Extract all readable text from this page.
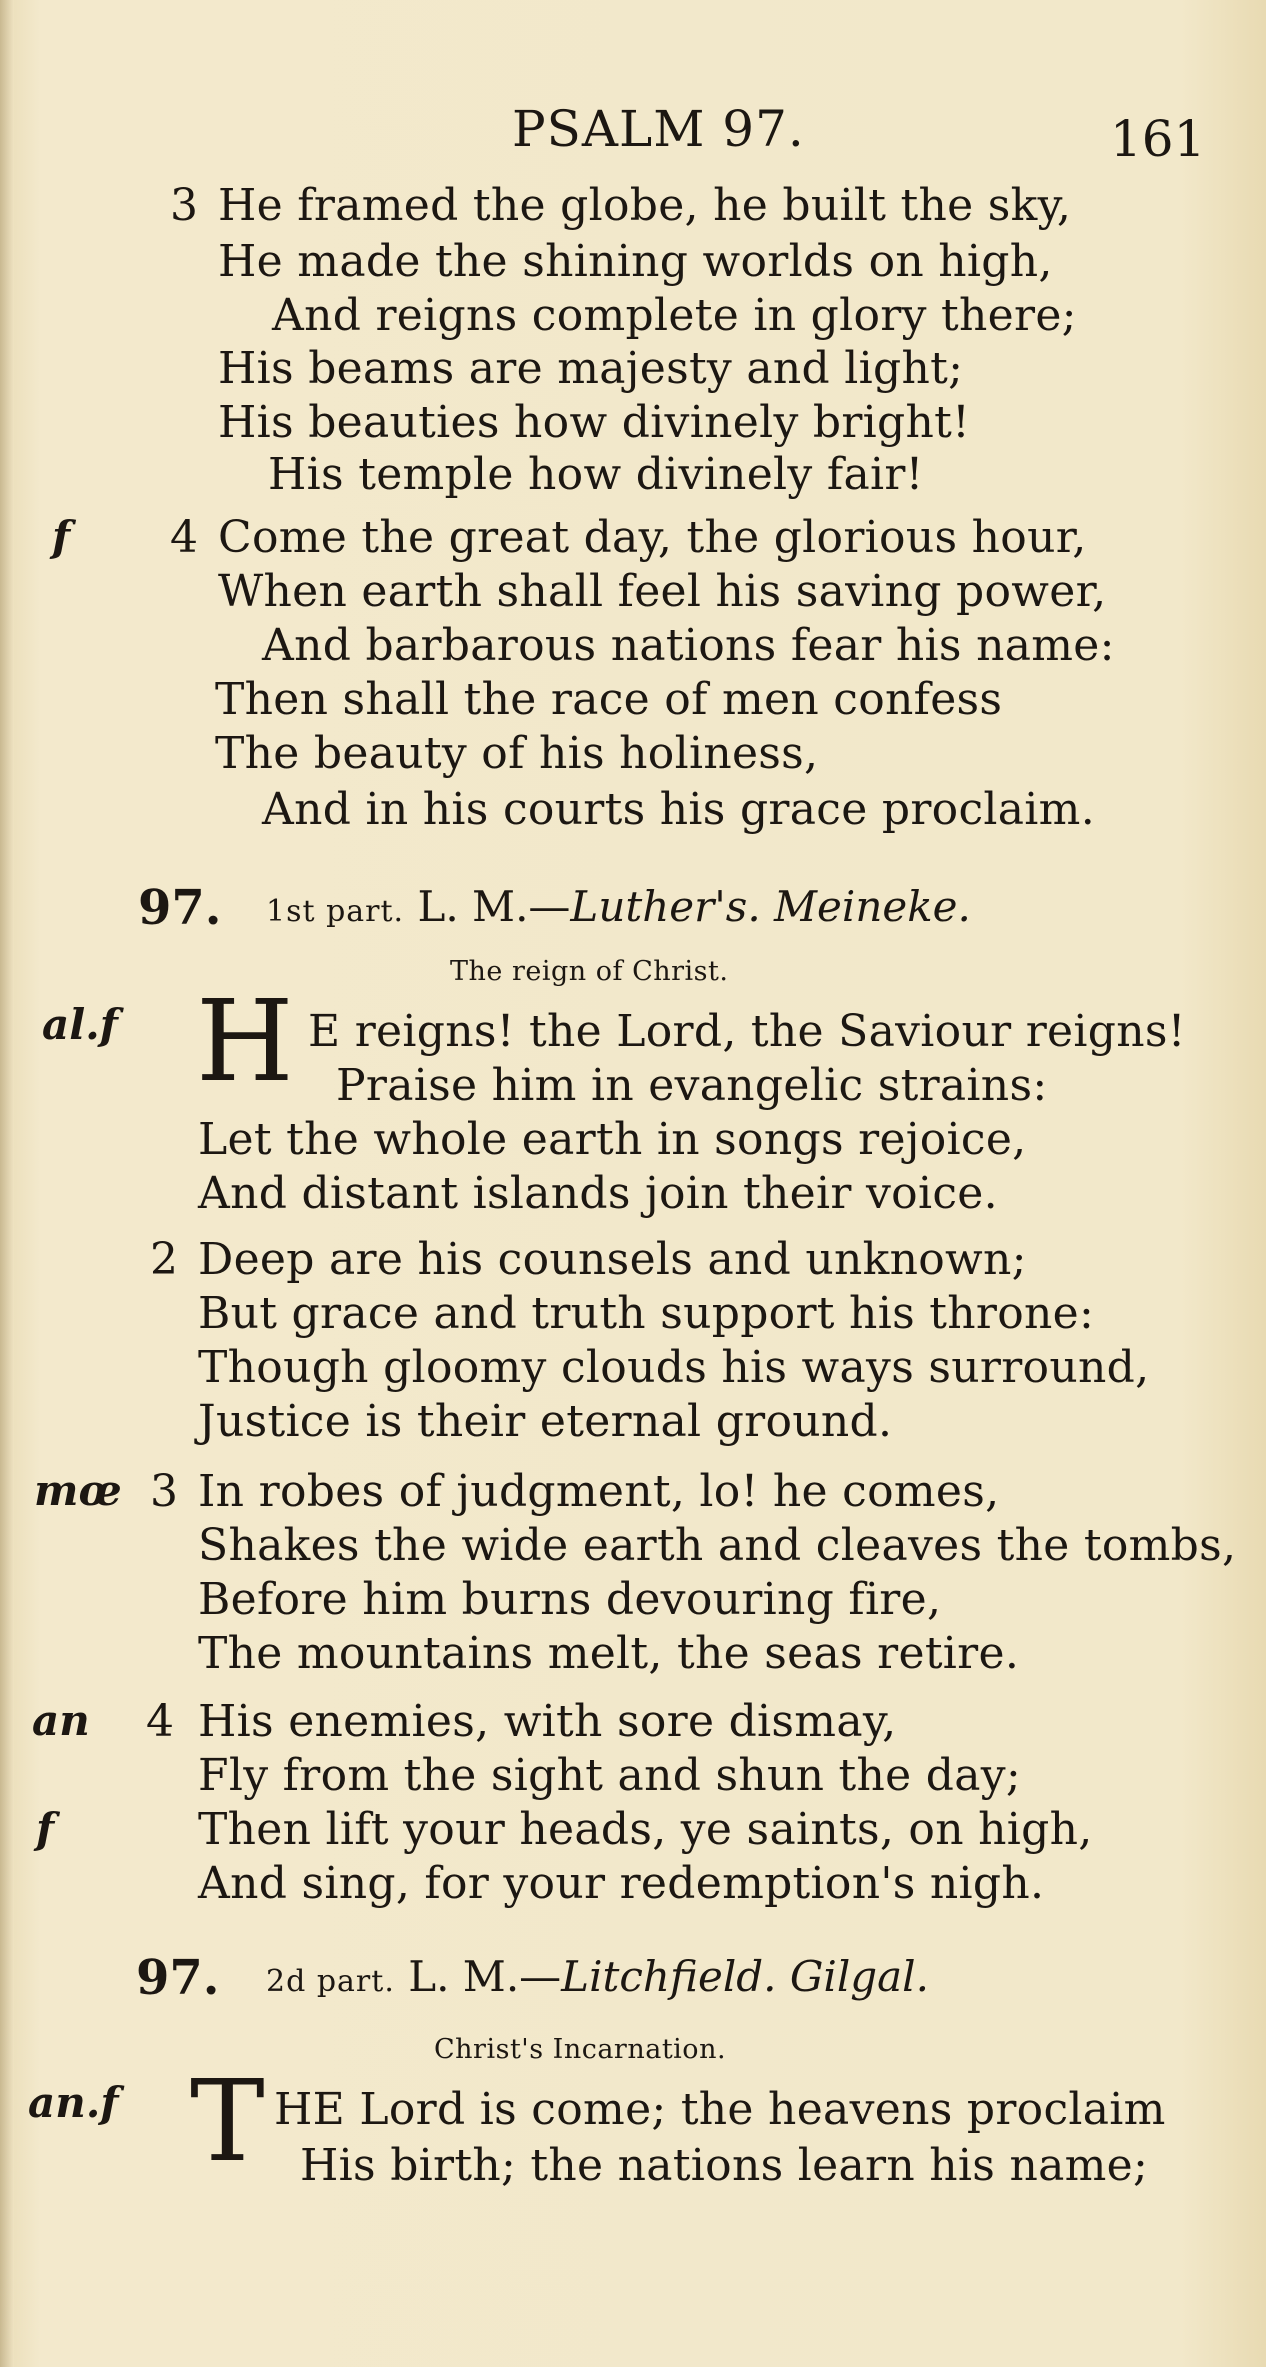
PSALM 97.	161
3 He framed the globe, he built the sky,
He made the shining worlds on high,
And reigns complete in glory there;
His beams are majesty and light;
His beauties how divinely bright!
His temple how divinely fair!
f 4 Come the great day, the glorious hour,
When earth shall feel his saving power,
And barbarous nations fear his name:
Then shall the race of men confess
The beauty of his holiness,
And in his courts his grace proclaim.
97. 1st part. L. M.—Luther's. Meineke.
The reign of Christ.
al.f H E reigns! the Lord, the Saviour reigns!
Praise him in evangelic strains:
Let the whole earth in songs rejoice,
And distant islands join their voice.
2 Deep are his counsels and unknown;
But grace and truth support his throne:
Though gloomy clouds his ways surround,
Justice is their eternal ground.
mœ 3 In robes of judgment, lo! he comes,
Shakes the wide earth and cleaves the tombs,
Before him burns devouring fire,
The mountains melt, the seas retire.
an 4 His enemies, with sore dismay,
Fly from the sight and shun the day;
f	Then lift your heads, ye saints, on high,
And sing, for your redemption's nigh.
97. 2d part. L. M.—Litchfield. Gilgal.
Christ's Incarnation.
an.f T HE Lord is come; the heavens proclaim
His birth; the nations learn his name;
